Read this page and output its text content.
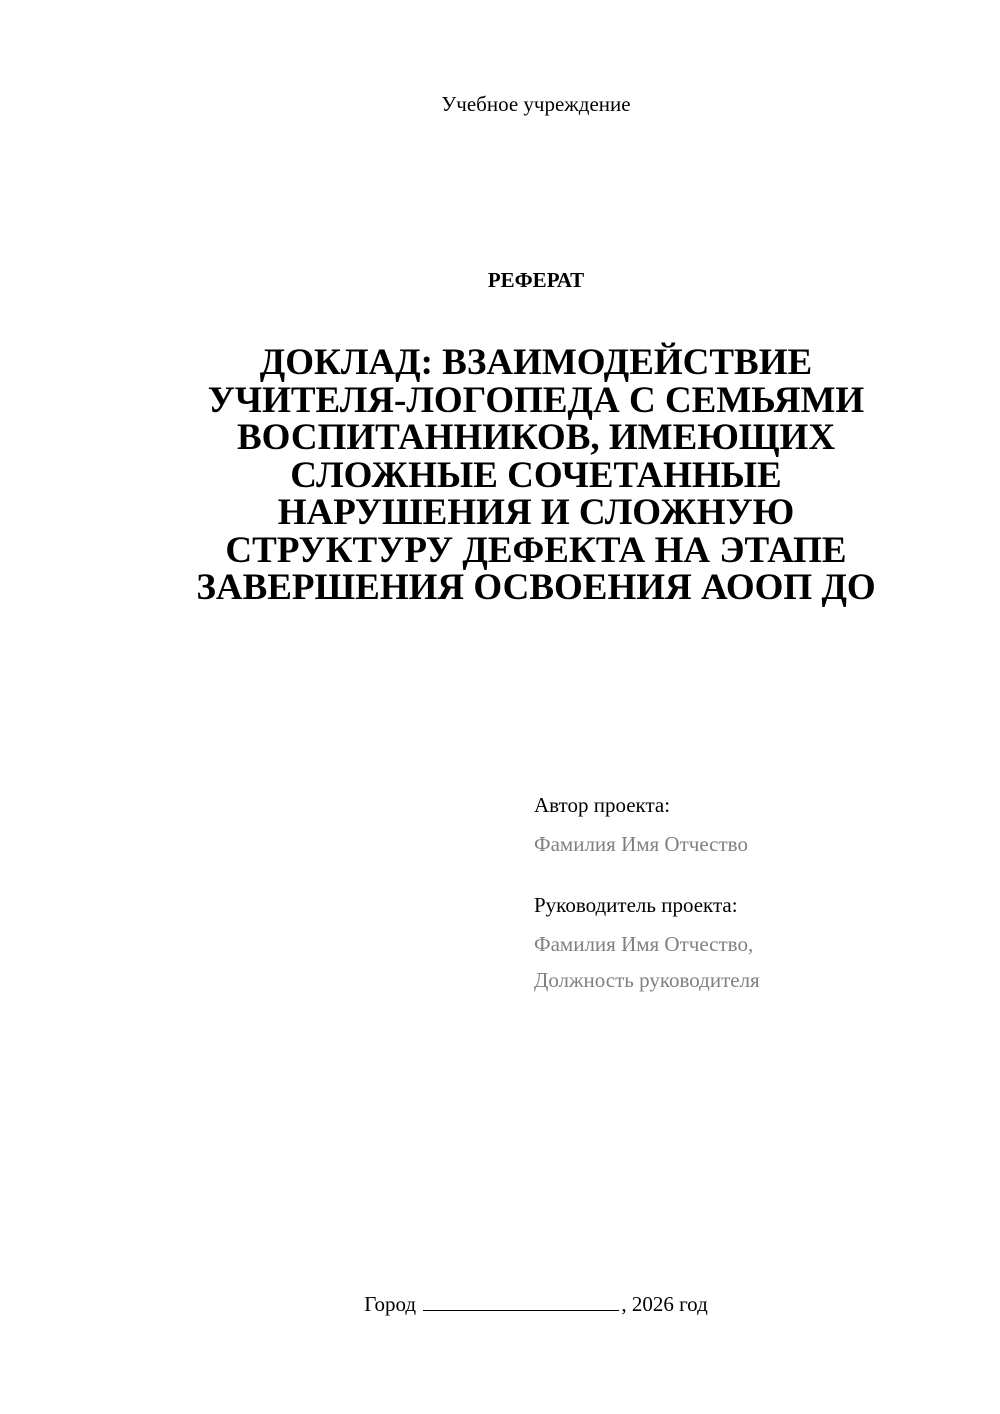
Учебное учреждение
РЕФЕРАТ
ДОКЛАД: ВЗАИМОДЕЙСТВИЕ
УЧИТЕЛЯ-ЛОГОПЕДА С СЕМЬЯМИ
ВОСПИТАННИКОВ, ИМЕЮЩИХ
СЛОЖНЫЕ СОЧЕТАННЫЕ
НАРУШЕНИЯ И СЛОЖНУЮ
СТРУКТУРУ ДЕФЕКТА НА ЭТАПЕ
ЗАВЕРШЕНИЯ ОСВОЕНИЯ АООП ДО
Автор проекта:
Фамилия Имя Отчество
Руководитель проекта:
Фамилия Имя Отчество,
Должность руководителя
Город	, 2026 год
